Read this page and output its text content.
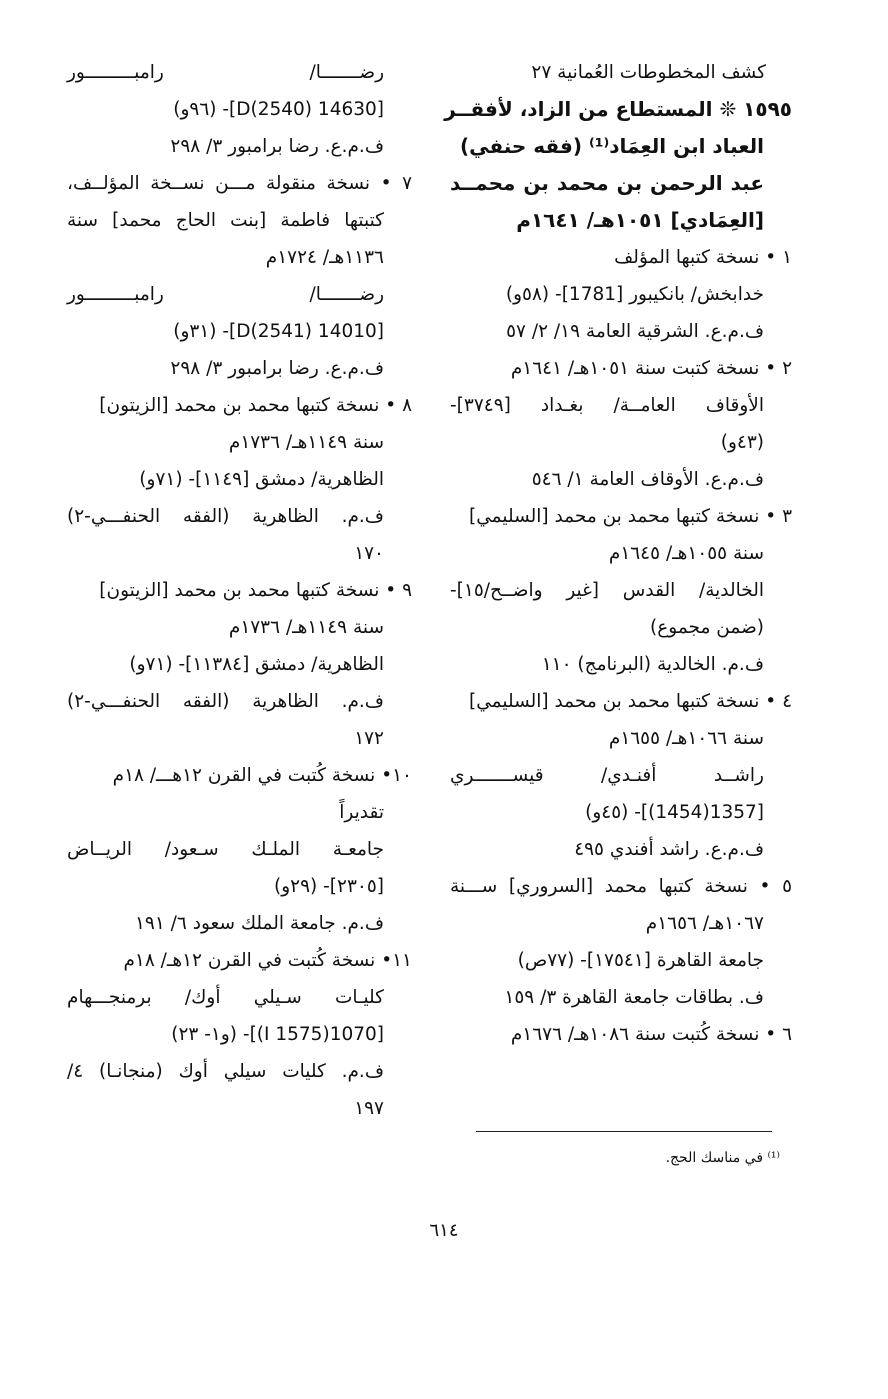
كشف المخطوطات العُمانية ٢٧
١٥٩٥ ❊ المستطاع من الزاد، لأفقــر
العباد ابن العِمَاد⁽¹⁾ (فقه حنفي)
عبد الرحمن بن محمد بن محمــد
[العِمَادي] ١٠٥١هـ/ ١٦٤١م
١ • نسخة كتبها المؤلف
خدابخش/ بانكيبور [1781]- (٥٨و)
ف.م.ع. الشرقية العامة ١٩/ ٢/ ٥٧
٢ • نسخة كتبت سنة ١٠٥١هـ/ ١٦٤١م
الأوقاف العامــة/ بغـداد [٣٧٤٩]-
(٤٣و)
ف.م.ع. الأوقاف العامة ١/ ٥٤٦
٣ • نسخة كتبها محمد بن محمد [السليمي]
سنة ١٠٥٥هـ/ ١٦٤٥م
الخالدية/ القدس [غير واضــح/١٥]-
(ضمن مجموع)
ف.م. الخالدية (البرنامج) ١١٠
٤ • نسخة كتبها محمد بن محمد [السليمي]
سنة ١٠٦٦هـ/ ١٦٥٥م
راشــد أفنـدي/ قيســـــــري
[1357(1454)]- (٤٥و)
ف.م.ع. راشد أفندي ٤٩٥
٥ • نسخة كتبها محمد [السروري] ســـنة
١٠٦٧هـ/ ١٦٥٦م
جامعة القاهرة [١٧٥٤١]- (٧٧ص)
ف. بطاقات جامعة القاهرة ٣/ ١٥٩
٦ • نسخة كُتبت سنة ١٠٨٦هـ/ ١٦٧٦م
رضـــــــا/ رامبـــــــــور
[14630 D(2540)]- (٩٦و)
ف.م.ع. رضا برامبور ٣/ ٢٩٨
٧ • نسخة منقولة مـــن نســخة المؤلــف،
كتبتها فاطمة [بنت الحاج محمد] سنة
١١٣٦هـ/ ١٧٢٤م
رضـــــــا/ رامبـــــــــور
[14010 D(2541)]- (٣١و)
ف.م.ع. رضا برامبور ٣/ ٢٩٨
٨ • نسخة كتبها محمد بن محمد [الزيتون]
سنة ١١٤٩هـ/ ١٧٣٦م
الظاهرية/ دمشق [١١٤٩]- (٧١و)
ف.م. الظاهرية (الفقه الحنفـــي-٢)
١٧٠
٩ • نسخة كتبها محمد بن محمد [الزيتون]
سنة ١١٤٩هـ/ ١٧٣٦م
الظاهرية/ دمشق [١١٣٨٤]- (٧١و)
ف.م. الظاهرية (الفقه الحنفـــي-٢)
١٧٢
١٠• نسخة كُتبت في القرن ١٢هـــ/ ١٨م
تقديراً
جامعـة الملـك سـعود/ الريــاض
[٢٣٠٥]- (٢٩و)
ف.م. جامعة الملك سعود ٦/ ١٩١
١١• نسخة كُتبت في القرن ١٢هـ/ ١٨م
كليـات سـيلي أوك/ برمنجـــهام
[1070(1575 I)]- (و١- ٢٣)
ف.م. كليات سيلي أوك (منجانـا) ٤/
١٩٧
⁽¹⁾ في مناسك الحج.
٦١٤
